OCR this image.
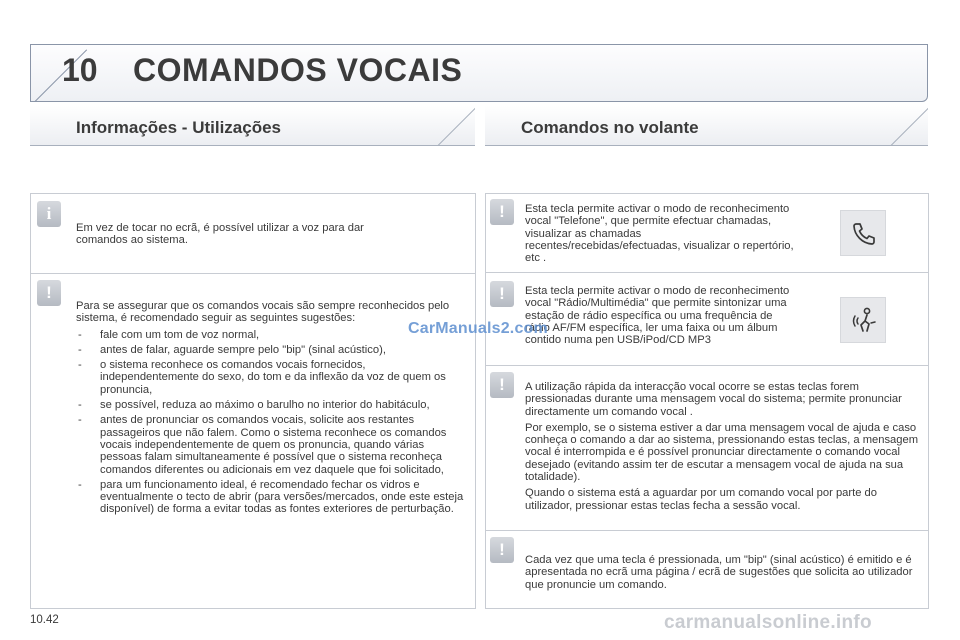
10 COMANDOS VOCAIS
Informações - Utilizações	Comandos no volante
i
Em vez de tocar no ecrã, é possível utilizar a voz para dar comandos ao sistema.
!

Para se assegurar que os comandos vocais são sempre reconhecidos pelo sistema, é recomendado seguir as seguintes sugestões:

- fale com um tom de voz normal,
- antes de falar, aguarde sempre pelo "bip" (sinal acústico),
- o sistema reconhece os comandos vocais fornecidos, independentemente do sexo, do tom e da inflexão da voz de quem os pronuncia,
- se possível, reduza ao máximo o barulho no interior do habitáculo,
- antes de pronunciar os comandos vocais, solicite aos restantes passageiros que não falem. Como o sistema reconhece os comandos vocais independentemente de quem os pronuncia, quando várias pessoas falam simultaneamente é possível que o sistema reconheça comandos diferentes ou adicionais em vez daquele que foi solicitado,
- para um funcionamento ideal, é recomendado fechar os vidros e eventualmente o tecto de abrir (para versões/mercados, onde este esteja disponível) de forma a evitar todas as fontes exteriores de perturbação.
!	Esta tecla permite activar o modo de reconhecimento vocal "Telefone", que permite efectuar chamadas, visualizar as chamadas recentes/recebidas/efectuadas, visualizar o repertório, etc .
!	Esta tecla permite activar o modo de reconhecimento vocal "Rádio/Multimédia" que permite sintonizar uma estação de rádio específica ou uma frequência de rádio AF/FM específica, ler uma faixa ou um álbum contido numa pen USB/iPod/CD MP3
!	A utilização rápida da interacção vocal ocorre se estas teclas forem pressionadas durante uma mensagem vocal do sistema; permite pronunciar directamente um comando vocal .

Por exemplo, se o sistema estiver a dar uma mensagem vocal de ajuda e caso conheça o comando a dar ao sistema, pressionando estas teclas, a mensagem vocal é interrompida e é possível pronunciar directamente o comando vocal desejado (evitando assim ter de escutar a mensagem vocal de ajuda na sua totalidade).

Quando o sistema está a aguardar por um comando vocal por parte do utilizador, pressionar estas teclas fecha a sessão vocal.

!
Cada vez que uma tecla é pressionada, um "bip" (sinal acústico) é emitido e é apresentada no ecrã uma página / ecrã de sugestões que solicita ao utilizador que pronuncie um comando.
CarManuals2.com
10.42	carmanualsonline.info
